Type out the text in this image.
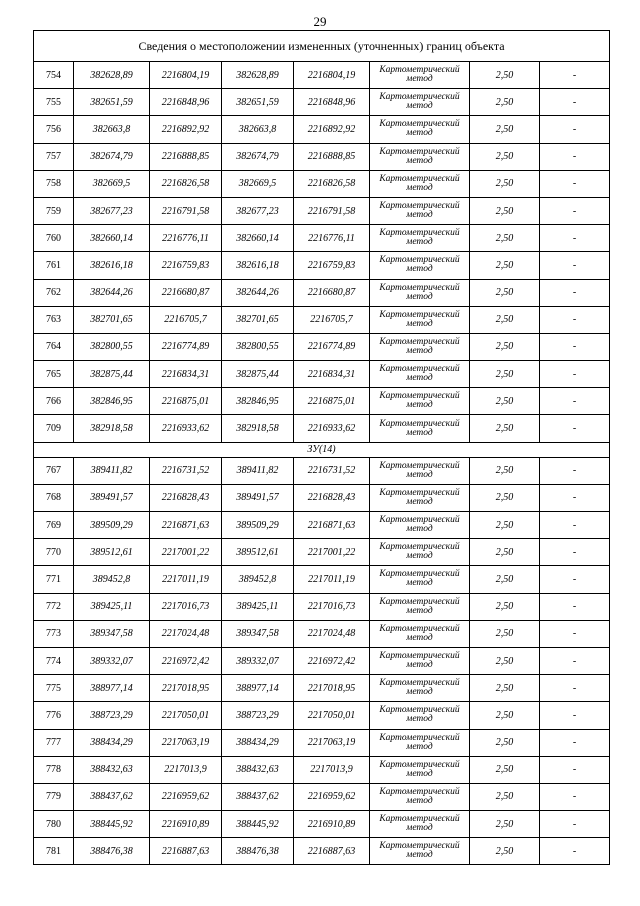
29
Сведения о местоположении измененных (уточненных) границ объекта							
754	382628,89	2216804,19	382628,89	2216804,19	Картометрический метод	2,50	-
755	382651,59	2216848,96	382651,59	2216848,96	Картометрический метод	2,50	-
756	382663,8	2216892,92	382663,8	2216892,92	Картометрический метод	2,50	-
757	382674,79	2216888,85	382674,79	2216888,85	Картометрический метод	2,50	-
758	382669,5	2216826,58	382669,5	2216826,58	Картометрический метод	2,50	-
759	382677,23	2216791,58	382677,23	2216791,58	Картометрический метод	2,50	-
760	382660,14	2216776,11	382660,14	2216776,11	Картометрический метод	2,50	-
761	382616,18	2216759,83	382616,18	2216759,83	Картометрический метод	2,50	-
762	382644,26	2216680,87	382644,26	2216680,87	Картометрический метод	2,50	-
763	382701,65	2216705,7	382701,65	2216705,7	Картометрический метод	2,50	-
764	382800,55	2216774,89	382800,55	2216774,89	Картометрический метод	2,50	-
765	382875,44	2216834,31	382875,44	2216834,31	Картометрический метод	2,50	-
766	382846,95	2216875,01	382846,95	2216875,01	Картометрический метод	2,50	-
709	382918,58	2216933,62	382918,58	2216933,62	Картометрический метод	2,50	-
ЗУ(14)							
767	389411,82	2216731,52	389411,82	2216731,52	Картометрический метод	2,50	-
768	389491,57	2216828,43	389491,57	2216828,43	Картометрический метод	2,50	-
769	389509,29	2216871,63	389509,29	2216871,63	Картометрический метод	2,50	-
770	389512,61	2217001,22	389512,61	2217001,22	Картометрический метод	2,50	-
771	389452,8	2217011,19	389452,8	2217011,19	Картометрический метод	2,50	-
772	389425,11	2217016,73	389425,11	2217016,73	Картометрический метод	2,50	-
773	389347,58	2217024,48	389347,58	2217024,48	Картометрический метод	2,50	-
774	389332,07	2216972,42	389332,07	2216972,42	Картометрический метод	2,50	-
775	388977,14	2217018,95	388977,14	2217018,95	Картометрический метод	2,50	-
776	388723,29	2217050,01	388723,29	2217050,01	Картометрический метод	2,50	-
777	388434,29	2217063,19	388434,29	2217063,19	Картометрический метод	2,50	-
778	388432,63	2217013,9	388432,63	2217013,9	Картометрический метод	2,50	-
779	388437,62	2216959,62	388437,62	2216959,62	Картометрический метод	2,50	-
780	388445,92	2216910,89	388445,92	2216910,89	Картометрический метод	2,50	-
781	388476,38	2216887,63	388476,38	2216887,63	Картометрический метод	2,50	-
